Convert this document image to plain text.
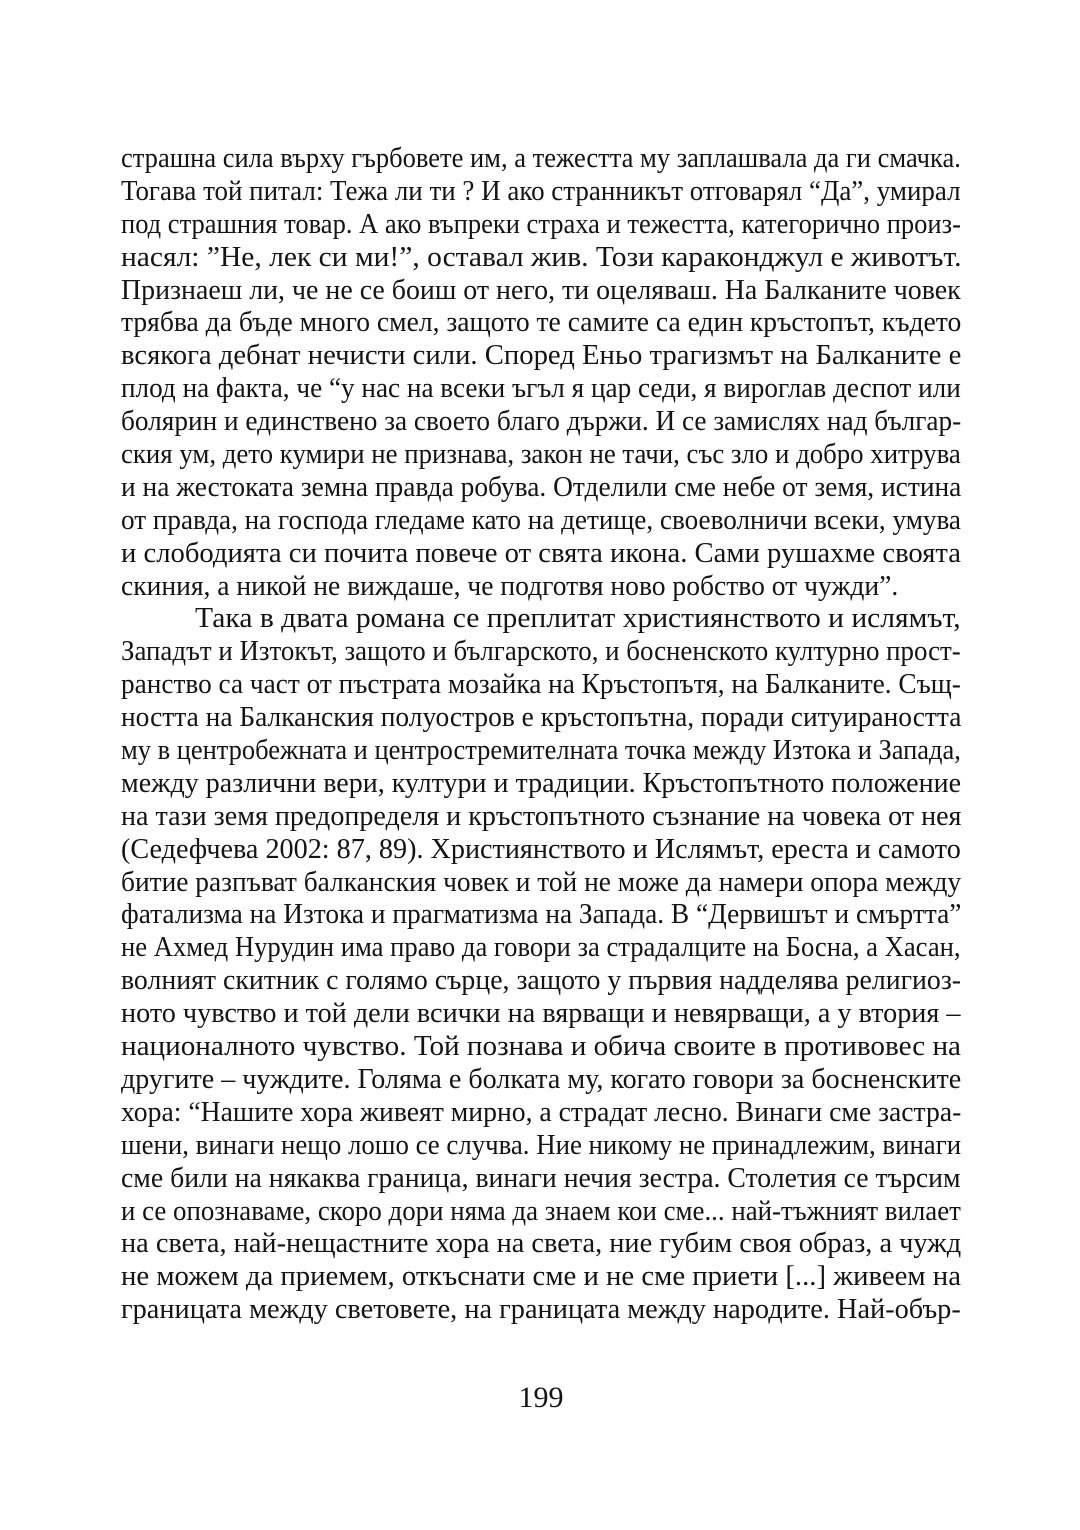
страшна сила върху гърбовете им, а тежестта му заплашвала да ги смачка.
Тогава той питал: Тежа ли ти ? И ако странникът отговарял “Да”, умирал
под страшния товар. А ако въпреки страха и тежестта, категорично произ-
насял: ”Не, лек си ми!”, оставал жив. Този караконджул е животът.
Признаеш ли, че не се боиш от него, ти оцеляваш. На Балканите човек
трябва да бъде много смел, защото те самите са един кръстопът, където
всякога дебнат нечисти сили. Според Еньо трагизмът на Балканите е
плод на факта, че “у нас на всеки ъгъл я цар седи, я вироглав деспот или
болярин и единствено за своето благо държи. И се замислях над българ-
ския ум, дето кумири не признава, закон не тачи, със зло и добро хитрува
и на жестоката земна правда робува. Отделили сме небе от земя, истина
от правда, на господа гледаме като на детище, своеволничи всеки, умува
и слободията си почита повече от свята икона. Сами рушахме своята
скиния, а никой не виждаше, че подготвя ново робство от чужди”.
Така в двата романа се преплитат християнството и ислямът,
Западът и Изтокът, защото и българското, и босненското културно прост-
ранство са част от пъстрата мозайка на Кръстопътя, на Балканите. Същ-
ността на Балканския полуостров е кръстопътна, поради ситуираността
му в центробежната и центростремителната точка между Изтока и Запада,
между различни вери, култури и традиции. Кръстопътното положение
на тази земя предопределя и кръстопътното съзнание на човека от нея
(Седефчева 2002: 87, 89). Християнството и Ислямът, ереста и самото
битие разпъват балканския човек и той не може да намери опора между
фатализма на Изтока и прагматизма на Запада. В “Дервишът и смъртта”
не Ахмед Нурудин има право да говори за страдалците на Босна, а Хасан,
волният скитник с голямо сърце, защото у първия надделява религиоз-
ното чувство и той дели всички на вярващи и невярващи, а у втория –
националното чувство. Той познава и обича своите в противовес на
другите – чуждите. Голяма е болката му, когато говори за босненските
хора: “Нашите хора живеят мирно, а страдат лесно. Винаги сме застра-
шени, винаги нещо лошо се случва. Ние никому не принадлежим, винаги
сме били на някаква граница, винаги нечия зестра. Столетия се търсим
и се опознаваме, скоро дори няма да знаем кои сме... най-тъжният вилает
на света, най-нещастните хора на света, ние губим своя образ, а чужд
не можем да приемем, откъснати сме и не сме приети [...] живеем на
границата между световете, на границата между народите. Най-обър-
199
